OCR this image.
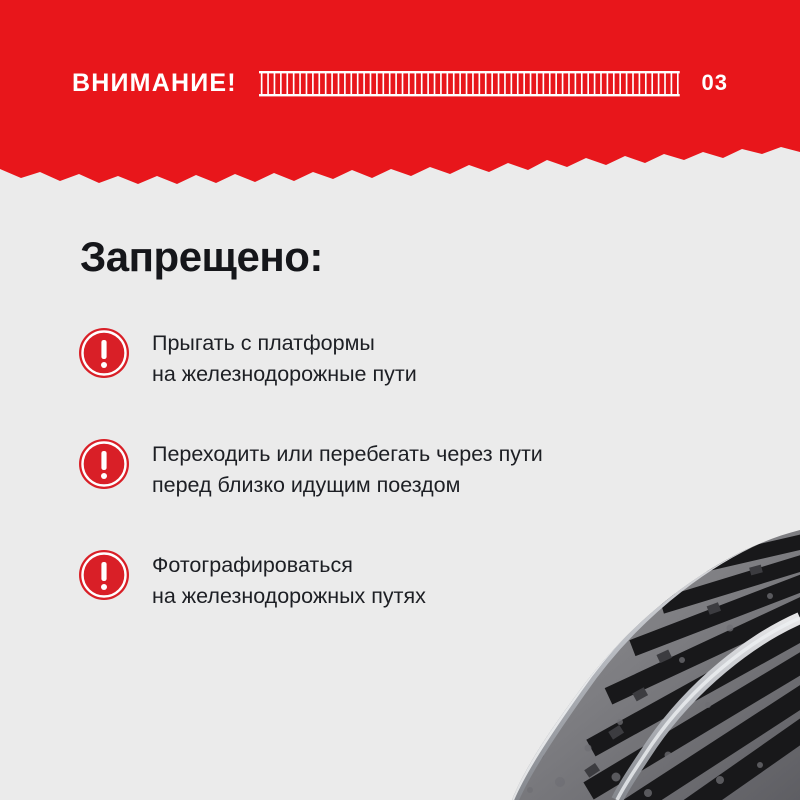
ВНИМАНИЕ!	03
Запрещено:
Прыгать с платформы
на железнодорожные пути
Переходить или перебегать через пути
перед близко идущим поездом
Фотографироваться
на железнодорожных путях
